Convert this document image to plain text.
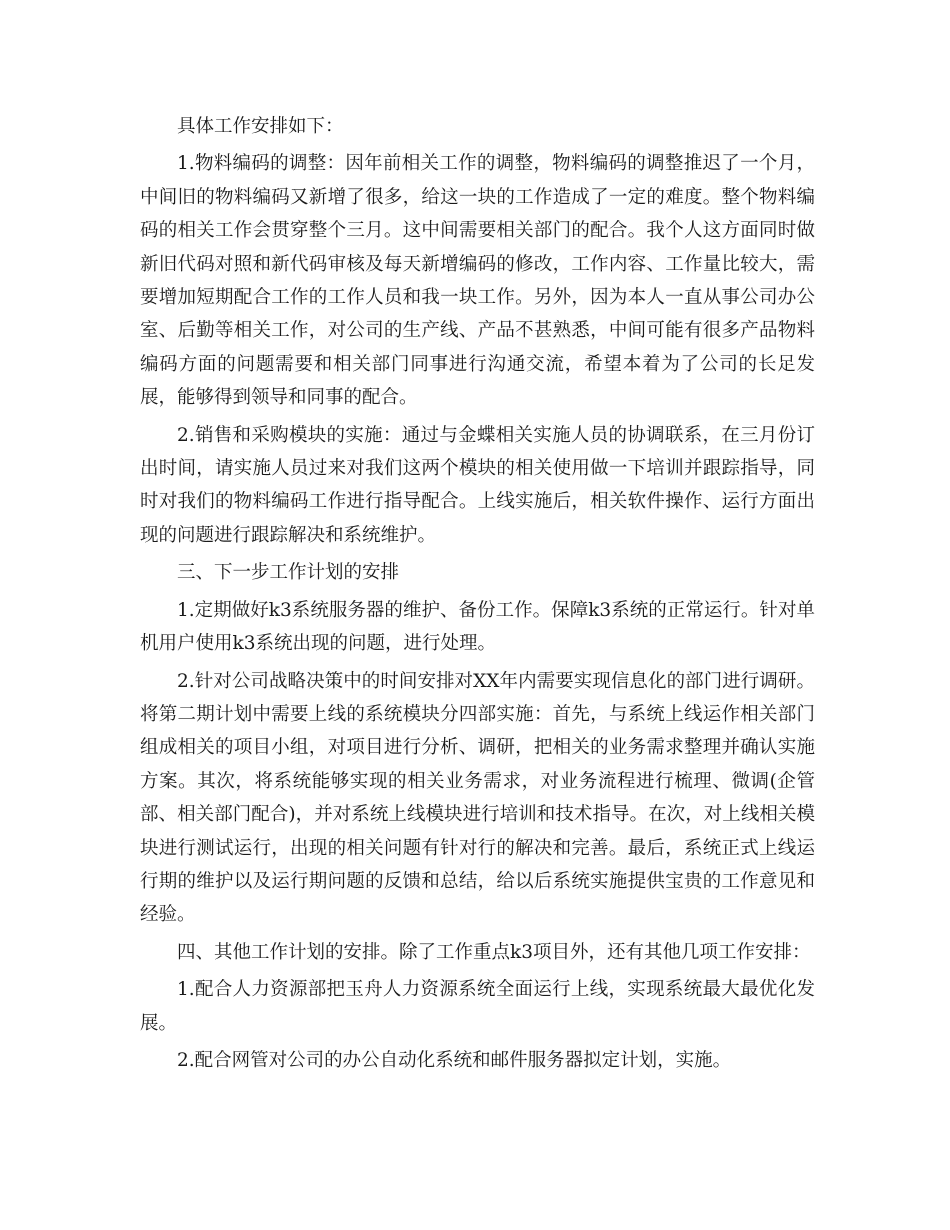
具体工作安排如下：

1.物料编码的调整：因年前相关工作的调整，物料编码的调整推迟了一个月，中间旧的物料编码又新增了很多，给这一块的工作造成了一定的难度。整个物料编码的相关工作会贯穿整个三月。这中间需要相关部门的配合。我个人这方面同时做新旧代码对照和新代码审核及每天新增编码的修改，工作内容、工作量比较大，需要增加短期配合工作的工作人员和我一块工作。另外，因为本人一直从事公司办公室、后勤等相关工作，对公司的生产线、产品不甚熟悉，中间可能有很多产品物料编码方面的问题需要和相关部门同事进行沟通交流，希望本着为了公司的长足发展，能够得到领导和同事的配合。

2.销售和采购模块的实施：通过与金蝶相关实施人员的协调联系，在三月份订出时间，请实施人员过来对我们这两个模块的相关使用做一下培训并跟踪指导，同时对我们的物料编码工作进行指导配合。上线实施后，相关软件操作、运行方面出现的问题进行跟踪解决和系统维护。

三、下一步工作计划的安排

1.定期做好k3系统服务器的维护、备份工作。保障k3系统的正常运行。针对单机用户使用k3系统出现的问题，进行处理。

2.针对公司战略决策中的时间安排对XX年内需要实现信息化的部门进行调研。将第二期计划中需要上线的系统模块分四部实施：首先，与系统上线运作相关部门组成相关的项目小组，对项目进行分析、调研，把相关的业务需求整理并确认实施方案。其次，将系统能够实现的相关业务需求，对业务流程进行梳理、微调(企管部、相关部门配合)，并对系统上线模块进行培训和技术指导。在次，对上线相关模块进行测试运行，出现的相关问题有针对行的解决和完善。最后，系统正式上线运行期的维护以及运行期问题的反馈和总结，给以后系统实施提供宝贵的工作意见和经验。

四、其他工作计划的安排。除了工作重点k3项目外，还有其他几项工作安排：

1.配合人力资源部把玉舟人力资源系统全面运行上线，实现系统最大最优化发展。

2.配合网管对公司的办公自动化系统和邮件服务器拟定计划，实施。
